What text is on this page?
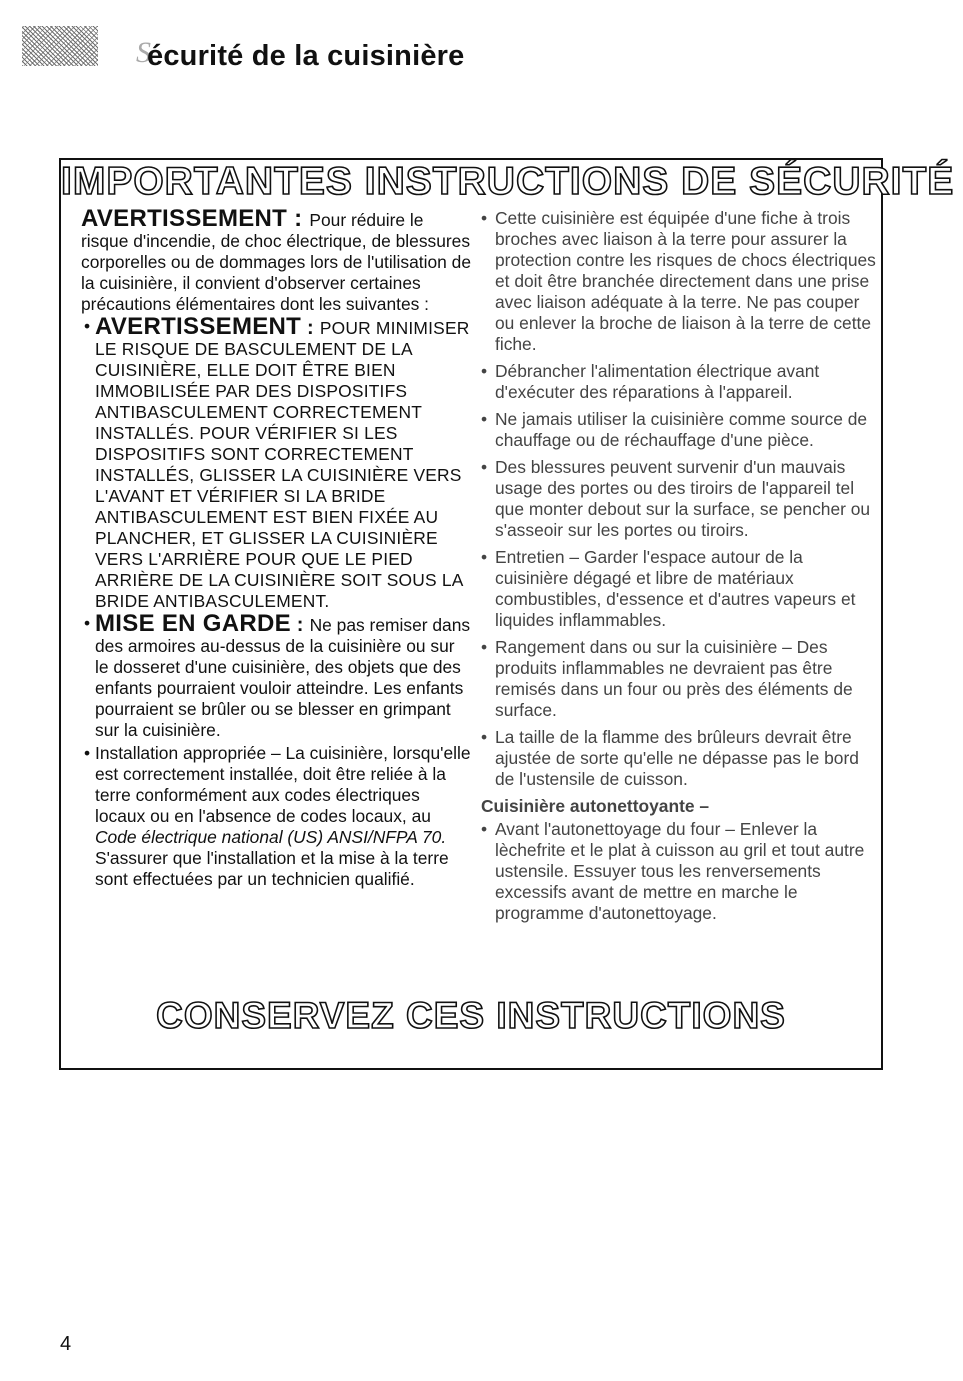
S
écurité de la cuisinière
IMPORTANTES INSTRUCTIONS DE SÉCURITÉ

AVERTISSEMENT : Pour réduire le risque d'incendie, de choc électrique, de blessures corporelles ou de dommages lors de l'utilisation de la cuisinière, il convient d'observer certaines précautions élémentaires dont les suivantes :

• AVERTISSEMENT : POUR MINIMISER LE RISQUE DE BASCULEMENT DE LA CUISINIÈRE, ELLE DOIT ÊTRE BIEN IMMOBILISÉE PAR DES DISPOSITIFS ANTIBASCULEMENT CORRECTEMENT INSTALLÉS. POUR VÉRIFIER SI LES DISPOSITIFS SONT CORRECTEMENT INSTALLÉS, GLISSER LA CUISINIÈRE VERS L'AVANT ET VÉRIFIER SI LA BRIDE ANTIBASCULEMENT EST BIEN FIXÉE AU PLANCHER, ET GLISSER LA CUISINIÈRE VERS L'ARRIÈRE POUR QUE LE PIED ARRIÈRE DE LA CUISINIÈRE SOIT SOUS LA BRIDE ANTIBASCULEMENT.

• MISE EN GARDE : Ne pas remiser dans des armoires au-dessus de la cuisinière ou sur le dosseret d'une cuisinière, des objets que des enfants pourraient vouloir atteindre. Les enfants pourraient se brûler ou se blesser en grimpant sur la cuisinière.

• Installation appropriée – La cuisinière, lorsqu'elle est correctement installée, doit être reliée à la terre conformément aux codes électriques locaux ou en l'absence de codes locaux, au Code électrique national (US) ANSI/NFPA 70. S'assurer que l'installation et la mise à la terre sont effectuées par un technicien qualifié.

• Cette cuisinière est équipée d'une fiche à trois broches avec liaison à la terre pour assurer la protection contre les risques de chocs électriques et doit être branchée directement dans une prise avec liaison adéquate à la terre. Ne pas couper ou enlever la broche de liaison à la terre de cette fiche.

• Débrancher l'alimentation électrique avant d'exécuter des réparations à l'appareil.

• Ne jamais utiliser la cuisinière comme source de chauffage ou de réchauffage d'une pièce.

• Des blessures peuvent survenir d'un mauvais usage des portes ou des tiroirs de l'appareil tel que monter debout sur la surface, se pencher ou s'asseoir sur les portes ou tiroirs.

• Entretien – Garder l'espace autour de la cuisinière dégagé et libre de matériaux combustibles, d'essence et d'autres vapeurs et liquides inflammables.

• Rangement dans ou sur la cuisinière – Des produits inflammables ne devraient pas être remisés dans un four ou près des éléments de surface.

• La taille de la flamme des brûleurs devrait être ajustée de sorte qu'elle ne dépasse pas le bord de l'ustensile de cuisson.

Cuisinière autonettoyante –

• Avant l'autonettoyage du four – Enlever la lèchefrite et le plat à cuisson au gril et tout autre ustensile. Essuyer tous les renversements excessifs avant de mettre en marche le programme d'autonettoyage.

CONSERVEZ CES INSTRUCTIONS
4
